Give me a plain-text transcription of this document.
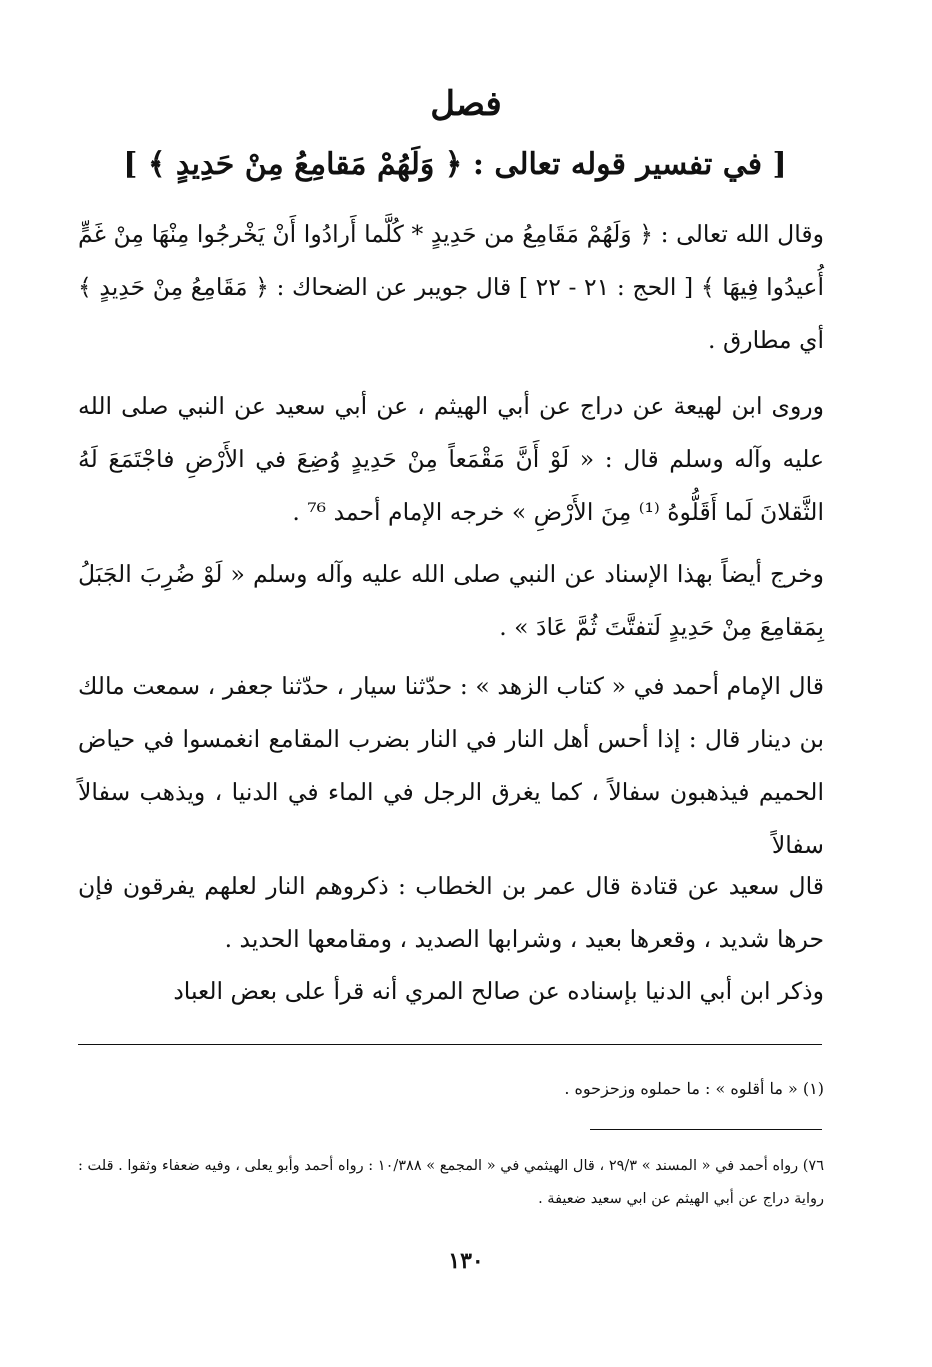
فصل
[ في تفسير قوله تعالى : ﴿ وَلَهُمْ مَقامِعُ مِنْ حَدِيدٍ ﴾ ]
وقال الله تعالى : ﴿ وَلَهُمْ مَقَامِعُ من حَدِيدٍ * كُلَّما أَرادُوا أَنْ يَخْرجُوا مِنْهَا مِنْ غَمٍّ أُعيدُوا فِيهَا ﴾ [ الحج : ٢١ - ٢٢ ] قال جويبر عن الضحاك : ﴿ مَقَامِعُ مِنْ حَدِيدٍ ﴾ أي مطارق .
وروى ابن لهيعة عن دراج عن أبي الهيثم ، عن أبي سعيد عن النبي صلى الله عليه وآله وسلم قال : « لَوْ أَنَّ مَقْمَعاً مِنْ حَدِيدٍ وُضِعَ في الأَرْضِ فاجْتَمَعَ لَهُ الثَّقلانَ لَما أَقَلُّوهُ ⁽¹⁾ مِنَ الأَرْضِ » خرجه الإمام أحمد ⁷⁶ .
وخرج أيضاً بهذا الإسناد عن النبي صلى الله عليه وآله وسلم « لَوْ ضُرِبَ الجَبَلُ بِمَقامِعَ مِنْ حَدِيدٍ لَتفتَّتَ ثُمَّ عَادَ » .
قال الإمام أحمد في « كتاب الزهد » : حدّثنا سيار ، حدّثنا جعفر ، سمعت مالك بن دينار قال : إذا أحس أهل النار في النار بضرب المقامع انغمسوا في حياض الحميم فيذهبون سفالاً ، كما يغرق الرجل في الماء في الدنيا ، ويذهب سفالاً سفالاً
قال سعيد عن قتادة قال عمر بن الخطاب : ذكروهم النار لعلهم يفرقون فإن حرها شديد ، وقعرها بعيد ، وشرابها الصديد ، ومقامعها الحديد .
وذكر ابن أبي الدنيا بإسناده عن صالح المري أنه قرأ على بعض العباد
(١) « ما أقلوه » : ما حملوه وزحزحوه .
٧٦) رواه أحمد في « المسند » ٢٩/٣ ، قال الهيثمي في « المجمع » ١٠/٣٨٨ : رواه أحمد وأبو يعلى ، وفيه ضعفاء وثقوا . قلت : رواية دراج عن أبي الهيثم عن ابي سعيد ضعيفة .
١٣٠
